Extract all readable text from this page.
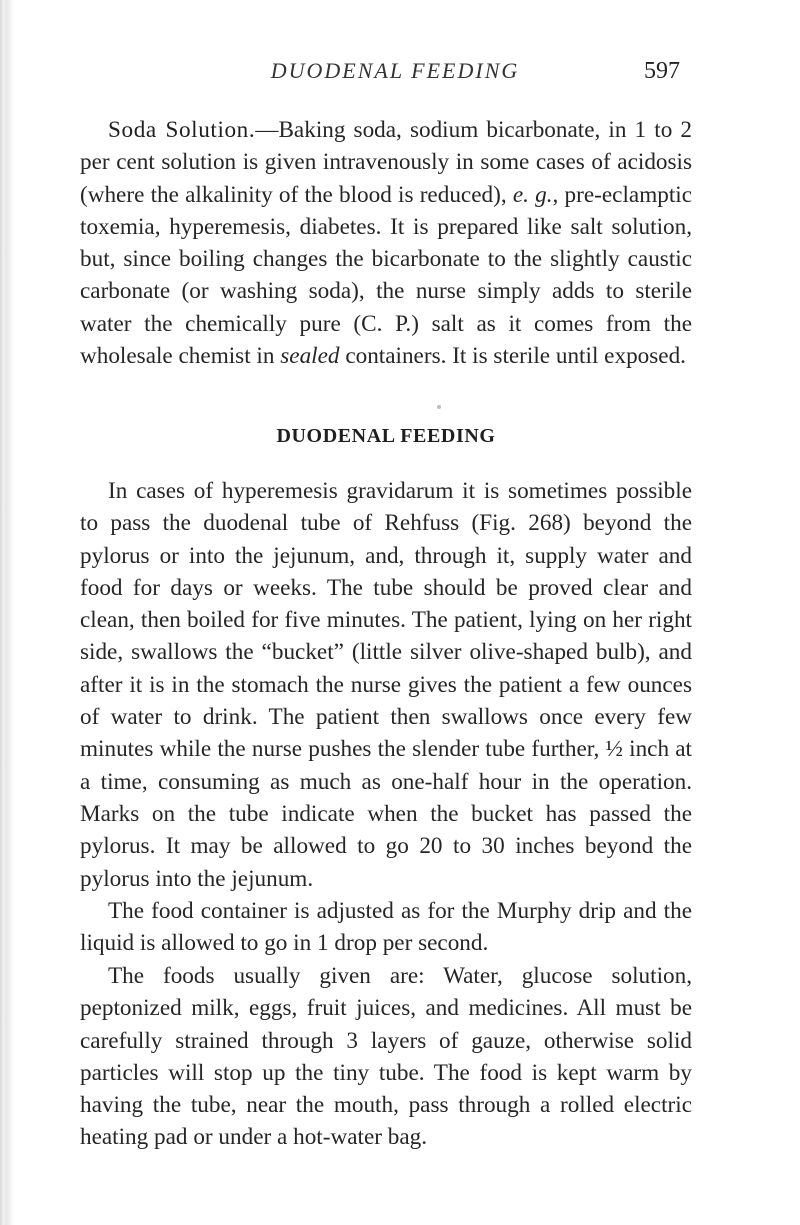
DUODENAL FEEDING	597

Soda Solution.—Baking soda, sodium bicarbonate, in 1 to 2 per cent solution is given intravenously in some cases of acidosis (where the alkalinity of the blood is reduced), e. g., pre-eclamptic toxemia, hyperemesis, diabetes. It is prepared like salt solution, but, since boiling changes the bicarbonate to the slightly caustic carbonate (or washing soda), the nurse simply adds to sterile water the chemically pure (C. P.) salt as it comes from the wholesale chemist in sealed containers. It is sterile until exposed.

DUODENAL FEEDING

In cases of hyperemesis gravidarum it is sometimes possible to pass the duodenal tube of Rehfuss (Fig. 268) beyond the pylorus or into the jejunum, and, through it, supply water and food for days or weeks. The tube should be proved clear and clean, then boiled for five minutes. The patient, lying on her right side, swallows the “bucket” (little silver olive-shaped bulb), and after it is in the stomach the nurse gives the patient a few ounces of water to drink. The patient then swallows once every few minutes while the nurse pushes the slender tube further, ½ inch at a time, consuming as much as one-half hour in the operation. Marks on the tube indicate when the bucket has passed the pylorus. It may be allowed to go 20 to 30 inches beyond the pylorus into the jejunum.

The food container is adjusted as for the Murphy drip and the liquid is allowed to go in 1 drop per second.

The foods usually given are: Water, glucose solution, peptonized milk, eggs, fruit juices, and medicines. All must be carefully strained through 3 layers of gauze, otherwise solid particles will stop up the tiny tube. The food is kept warm by having the tube, near the mouth, pass through a rolled electric heating pad or under a hot-water bag.
